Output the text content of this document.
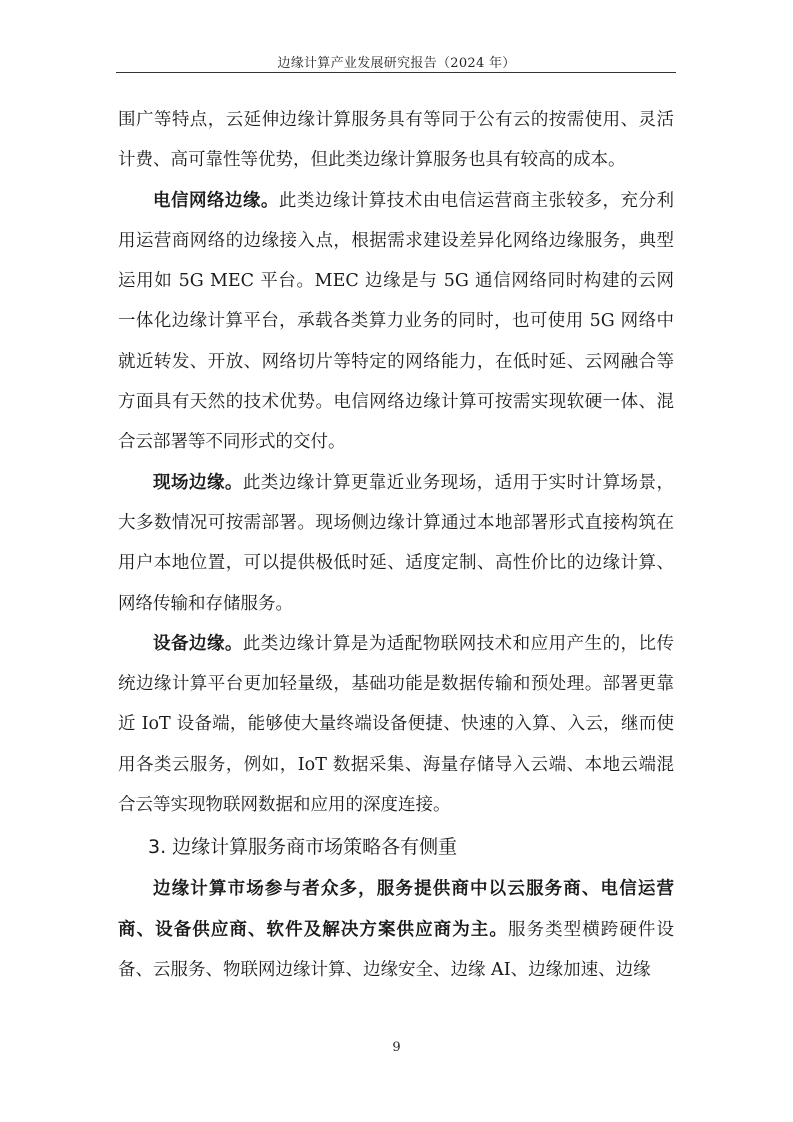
边缘计算产业发展研究报告（2024 年）

围广等特点，云延伸边缘计算服务具有等同于公有云的按需使用、灵活计费、高可靠性等优势，但此类边缘计算服务也具有较高的成本。

电信网络边缘。此类边缘计算技术由电信运营商主张较多，充分利用运营商网络的边缘接入点，根据需求建设差异化网络边缘服务，典型运用如 5G MEC 平台。MEC 边缘是与 5G 通信网络同时构建的云网一体化边缘计算平台，承载各类算力业务的同时，也可使用 5G 网络中就近转发、开放、网络切片等特定的网络能力，在低时延、云网融合等方面具有天然的技术优势。电信网络边缘计算可按需实现软硬一体、混合云部署等不同形式的交付。

现场边缘。此类边缘计算更靠近业务现场，适用于实时计算场景，大多数情况可按需部署。现场侧边缘计算通过本地部署形式直接构筑在用户本地位置，可以提供极低时延、适度定制、高性价比的边缘计算、网络传输和存储服务。

设备边缘。此类边缘计算是为适配物联网技术和应用产生的，比传统边缘计算平台更加轻量级，基础功能是数据传输和预处理。部署更靠近 IoT 设备端，能够使大量终端设备便捷、快速的入算、入云，继而使用各类云服务，例如，IoT 数据采集、海量存储导入云端、本地云端混合云等实现物联网数据和应用的深度连接。

3. 边缘计算服务商市场策略各有侧重

边缘计算市场参与者众多，服务提供商中以云服务商、电信运营商、设备供应商、软件及解决方案供应商为主。服务类型横跨硬件设备、云服务、物联网边缘计算、边缘安全、边缘 AI、边缘加速、边缘

9
